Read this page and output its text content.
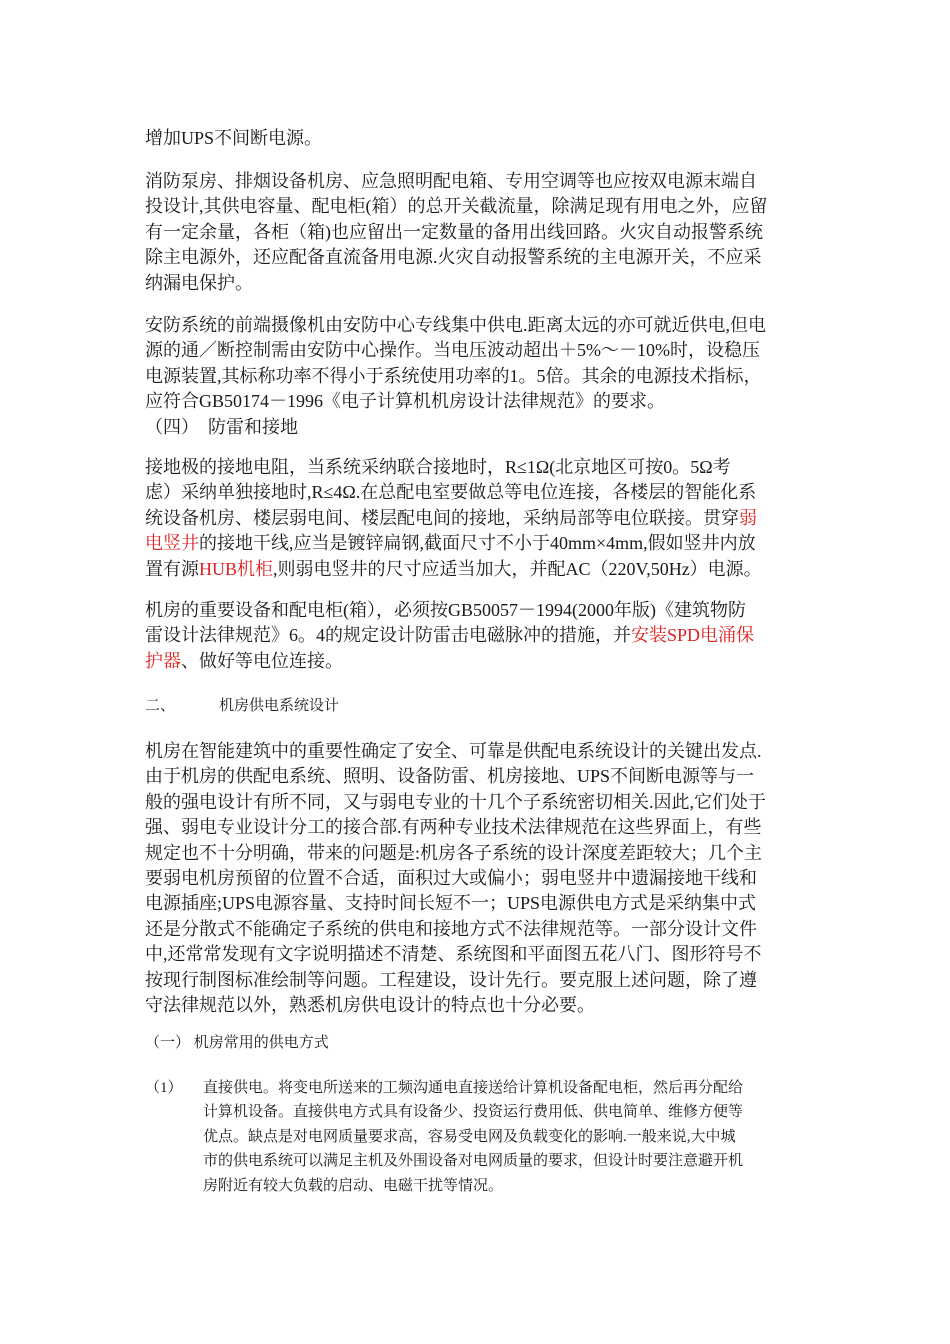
增加UPS不间断电源。

消防泵房、排烟设备机房、应急照明配电箱、专用空调等也应按双电源末端自
投设计,其供电容量、配电柜(箱）的总开关截流量，除满足现有用电之外，应留
有一定余量，各柜（箱)也应留出一定数量的备用出线回路。火灾自动报警系统
除主电源外，还应配备直流备用电源.火灾自动报警系统的主电源开关，不应采
纳漏电保护。

安防系统的前端摄像机由安防中心专线集中供电.距离太远的亦可就近供电,但电
源的通／断控制需由安防中心操作。当电压波动超出＋5%～－10%时，设稳压
电源装置,其标称功率不得小于系统使用功率的1。5倍。其余的电源技术指标，
应符合GB50174－1996《电子计算机机房设计法律规范》的要求。
（四）　防雷和接地

接地极的接地电阻，当系统采纳联合接地时，R≤1Ω(北京地区可按0。5Ω考
虑）采纳单独接地时,R≤4Ω.在总配电室要做总等电位连接，各楼层的智能化系
统设备机房、楼层弱电间、楼层配电间的接地，采纳局部等电位联接。贯穿弱
电竖井的接地干线,应当是镀锌扁钢,截面尺寸不小于40mm×4mm,假如竖井内放
置有源HUB机柜,则弱电竖井的尺寸应适当加大，并配AC（220V,50Hz）电源。

机房的重要设备和配电柜(箱），必须按GB50057－1994(2000年版)《建筑物防
雷设计法律规范》6。4的规定设计防雷击电磁脉冲的措施，并安装SPD电涌保
护器、做好等电位连接。

二、	机房供电系统设计

机房在智能建筑中的重要性确定了安全、可靠是供配电系统设计的关键出发点.
由于机房的供配电系统、照明、设备防雷、机房接地、UPS不间断电源等与一
般的强电设计有所不同，又与弱电专业的十几个子系统密切相关.因此,它们处于
强、弱电专业设计分工的接合部.有两种专业技术法律规范在这些界面上，有些
规定也不十分明确，带来的问题是:机房各子系统的设计深度差距较大；几个主
要弱电机房预留的位置不合适，面积过大或偏小；弱电竖井中遗漏接地干线和
电源插座;UPS电源容量、支持时间长短不一；UPS电源供电方式是采纳集中式
还是分散式不能确定子系统的供电和接地方式不法律规范等。一部分设计文件
中,还常常发现有文字说明描述不清楚、系统图和平面图五花八门、图形符号不
按现行制图标准绘制等问题。工程建设，设计先行。要克服上述问题，除了遵
守法律规范以外，熟悉机房供电设计的特点也十分必要。

（一） 机房常用的供电方式
（1） 直接供电。将变电所送来的工频沟通电直接送给计算机设备配电柜，然后再分配给
计算机设备。直接供电方式具有设备少、投资运行费用低、供电简单、维修方便等
优点。缺点是对电网质量要求高，容易受电网及负载变化的影响.一般来说,大中城
市的供电系统可以满足主机及外围设备对电网质量的要求，但设计时要注意避开机
房附近有较大负载的启动、电磁干扰等情况。
